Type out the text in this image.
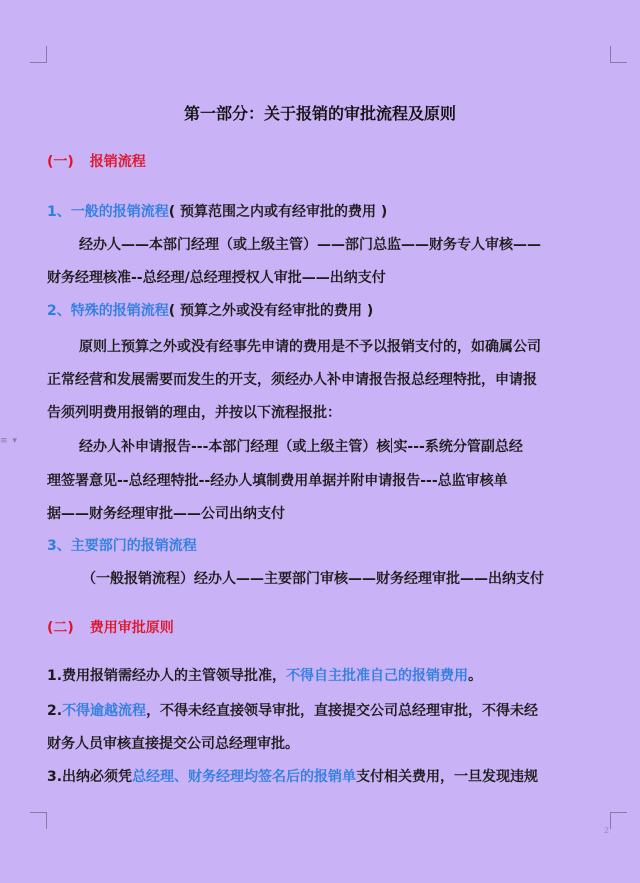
≡ ▾
第一部分：关于报销的审批流程及原则
(一) 报销流程
1、一般的报销流程( 预算范围之内或有经审批的费用 )
经办人——本部门经理（或上级主管）——部门总监——财务专人审核——
财务经理核准--总经理/总经理授权人审批——出纳支付
2、特殊的报销流程( 预算之外或没有经审批的费用 )
原则上预算之外或没有经事先申请的费用是不予以报销支付的，如确属公司
正常经营和发展需要而发生的开支，须经办人补申请报告报总经理特批，申请报
告须列明费用报销的理由，并按以下流程报批：
经办人补申请报告---本部门经理（或上级主管）核 实---系统分管副总经
理签署意见--总经理特批--经办人填制费用单据并附申请报告---总监审核单
据——财务经理审批——公司出纳支付
3、主要部门的报销流程
（一般报销流程）经办人——主要部门审核——财务经理审批——出纳支付
(二) 费用审批原则
1.费用报销需经办人的主管领导批准，不得自主批准自己的报销费用。
2.不得逾越流程，不得未经直接领导审批，直接提交公司总经理审批，不得未经
财务人员审核直接提交公司总经理审批。
3.出纳必须凭总经理、财务经理均签名后的报销单支付相关费用，一旦发现违规
2
